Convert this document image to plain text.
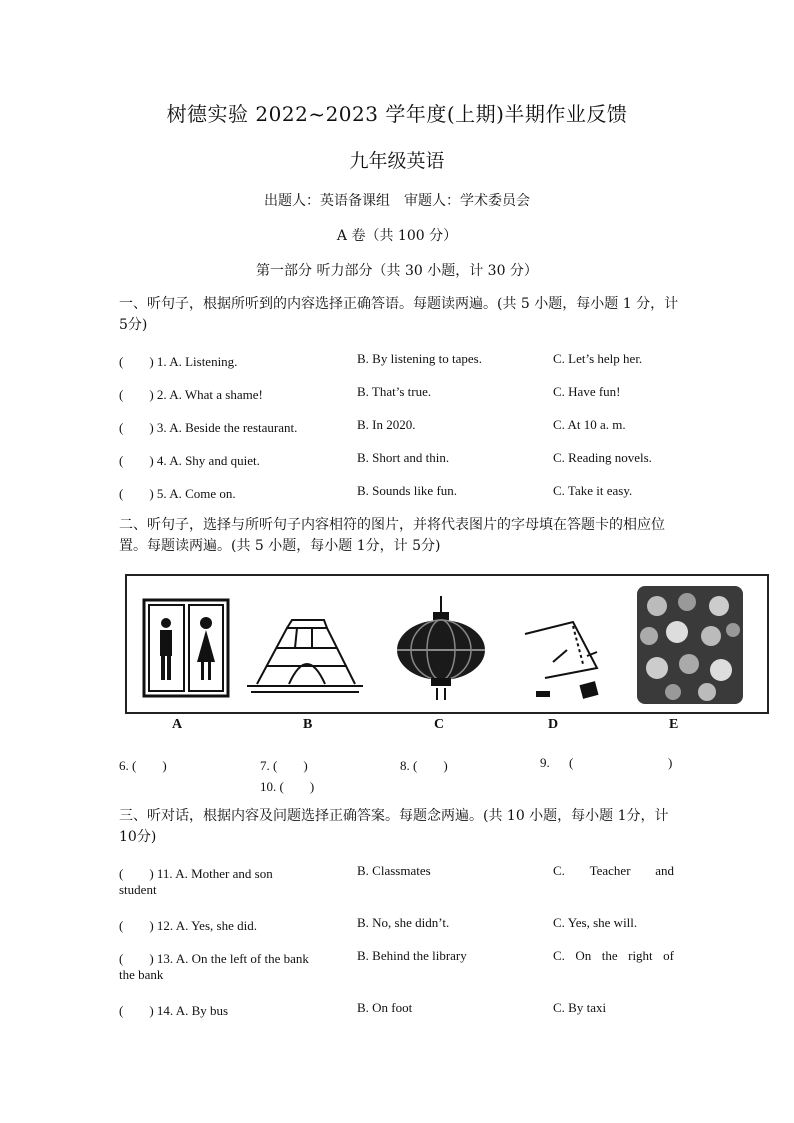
树德实验 2022~2023 学年度(上期)半期作业反馈
九年级英语
出题人：英语备课组　审题人：学术委员会
A 卷（共 100 分）
第一部分 听力部分（共 30 小题，计 30 分）
一、听句子，根据所听到的内容选择正确答语。每题读两遍。(共 5 小题，每小题 1 分，计 5分)
(　　) 1. A. Listening.	B. By listening to tapes.	C. Let’s help her.
(　　) 2. A. What a shame!	B. That’s true.	C. Have fun!
(　　) 3. A. Beside the restaurant.	B. In 2020.	C. At 10 a. m.
(　　) 4. A. Shy and quiet.	B. Short and thin.	C. Reading novels.
(　　) 5. A. Come on.	B. Sounds like fun.	C. Take it easy.
二、听句子，选择与所听句子内容相符的图片，并将代表图片的字母填在答题卡的相应位置。每题读两遍。(共 5 小题，每小题 1分，计 5分)
A	B	C	D	E
6. (　　)	7. (　　)	8. (　　)	9. (	)
10. (　　)
三、听对话，根据内容及问题选择正确答案。每题念两遍。(共 10 小题，每小题 1分，计 10分)
(　　) 11. A. Mother and son	B. Classmates	C. Teacher and
student
(　　) 12. A. Yes, she did.	B. No, she didn’t.	C. Yes, she will.
(　　) 13. A. On the left of the bank	B. Behind the library	C. On the right of
the bank
(　　) 14. A. By bus	B. On foot	C. By taxi
